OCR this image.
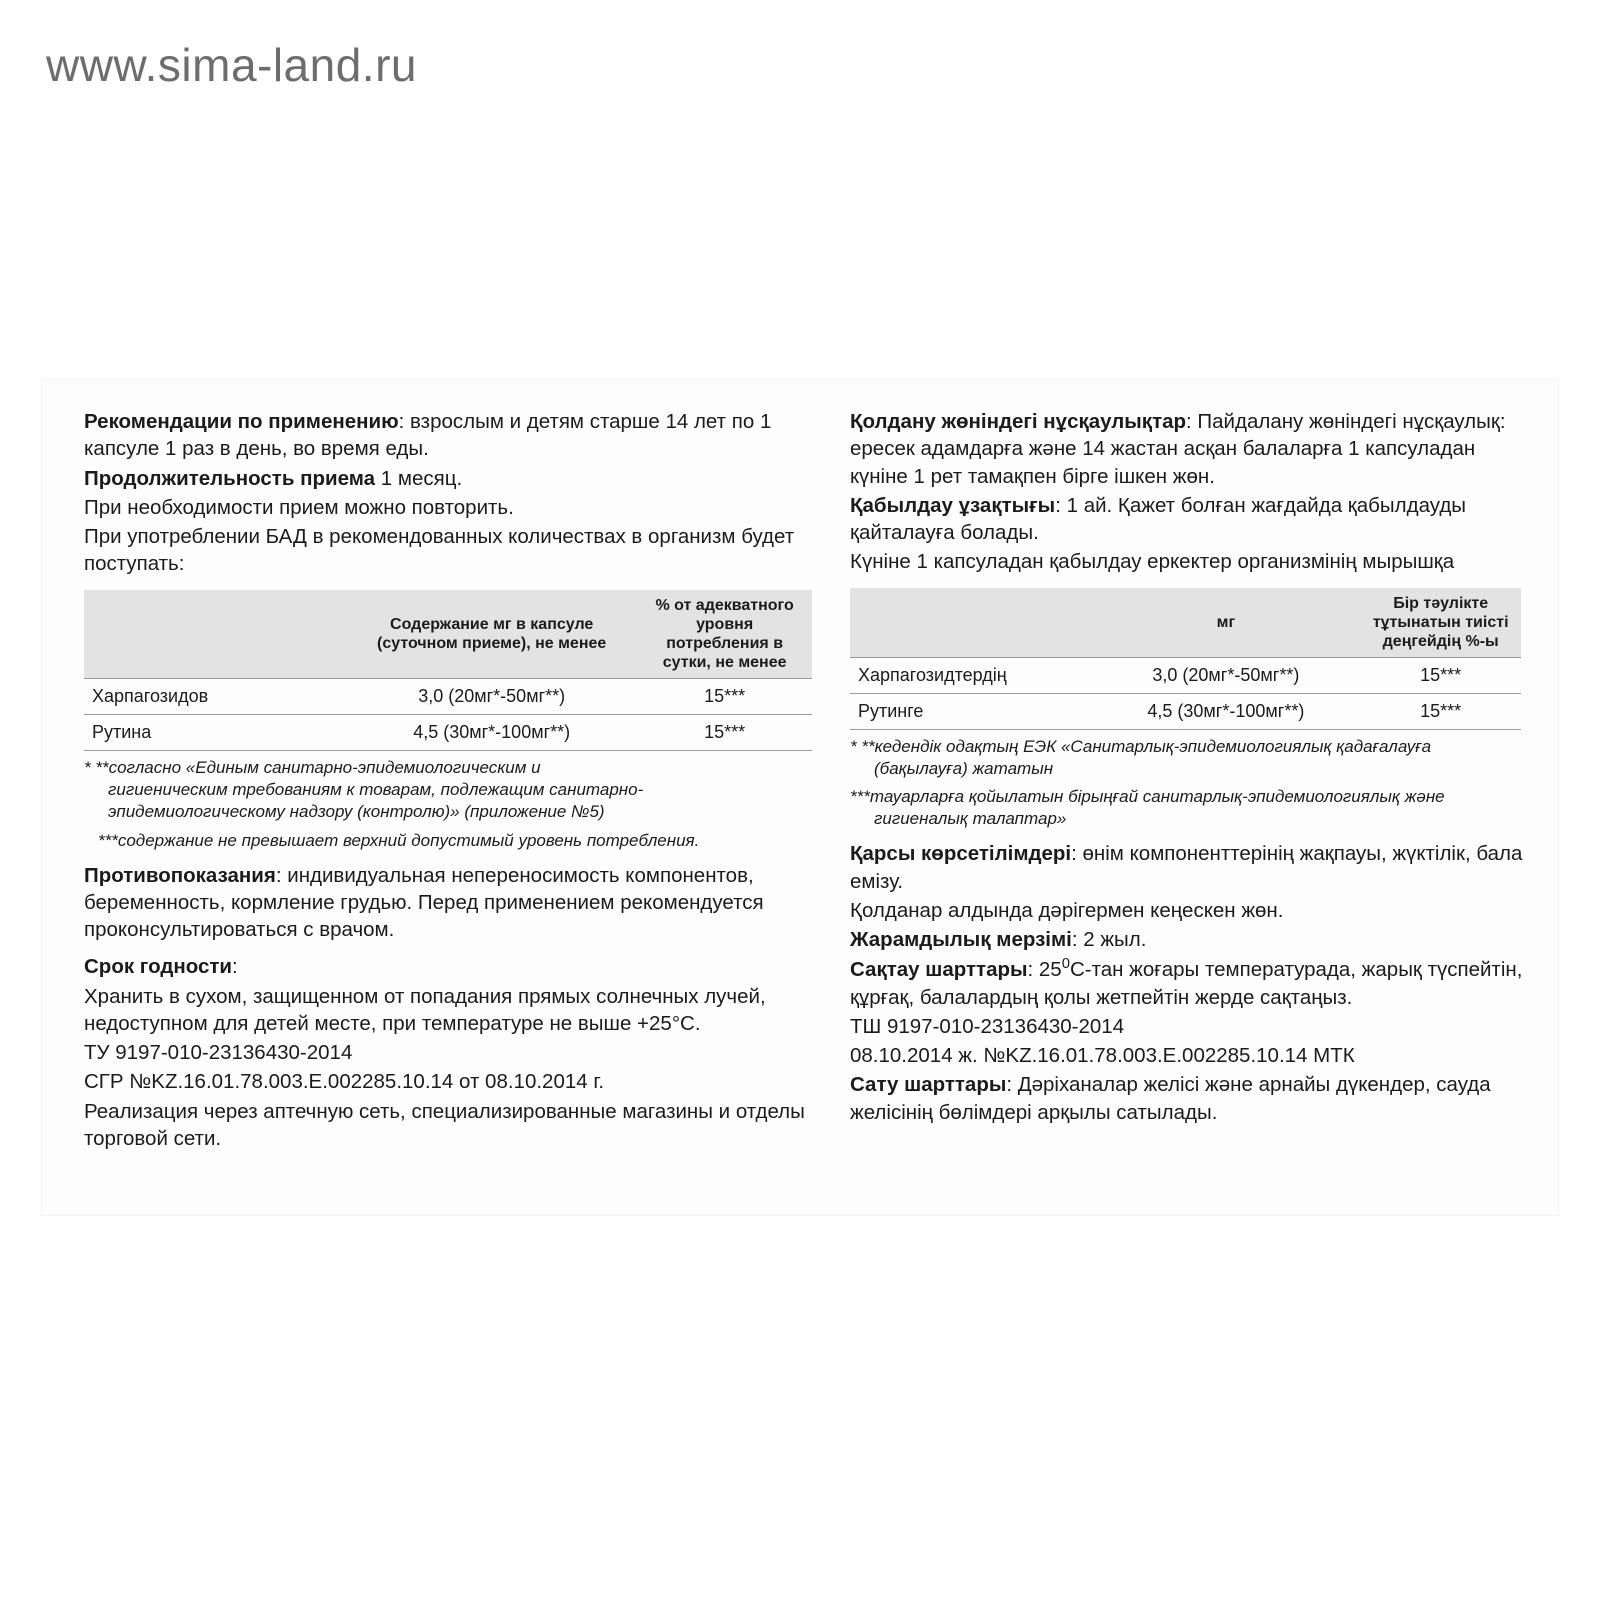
www.sima-land.ru

Рекомендации по применению: взрослым и детям старше 14 лет по 1 капсуле 1 раз в день, во время еды.

Продолжительность приема 1 месяц.

При необходимости прием можно повторить.

При употреблении БАД в рекомендованных количествах в организм будет поступать:

	Содержание мг в капсуле (суточном приеме), не менее	% от адекватного уровня потребления в сутки, не менее
Харпагозидов	3,0 (20мг*-50мг**)	15***
Рутина	4,5 (30мг*-100мг**)	15***

* **согласно «Единым санитарно-эпидемиологическим и
гигиеническим требованиям к товарам, подлежащим санитарно-эпидемиологическому надзору (контролю)» (приложение №5)

***содержание не превышает верхний допустимый уровень потребления.

Противопоказания: индивидуальная непереносимость компонентов, беременность, кормление грудью. Перед применением рекомендуется проконсультироваться с врачом.

Срок годности:

Хранить в сухом, защищенном от попадания прямых солнечных лучей, недоступном для детей месте, при температуре не выше +25°C.

ТУ 9197-010-23136430-2014

СГР №KZ.16.01.78.003.E.002285.10.14 от 08.10.2014 г.

Реализация через аптечную сеть, специализированные магазины и отделы торговой сети.

Қолдану жөніндегі нұсқаулықтар: Пайдалану жөніндегі нұсқаулық: ересек адамдарға және 14 жастан асқан балаларға 1 капсуладан күніне 1 рет тамақпен бірге ішкен жөн.

Қабылдау ұзақтығы: 1 ай. Қажет болған жағдайда қабылдауды қайталауға болады.

Күніне 1 капсуладан қабылдау еркектер организмінің мырышқа

	мг	Бір тәулікте тұтынатын тиісті деңгейдің %-ы
Харпагозидтердің	3,0 (20мг*-50мг**)	15***
Рутинге	4,5 (30мг*-100мг**)	15***

* **кедендік одақтың ЕЭК «Санитарлық-эпидемиологиялық қадағалауға
(бақылауға) жататын

***тауарларға қойылатын бірыңғай санитарлық-эпидемиологиялық және
гигиеналық талаптар»

Қарсы көрсетілімдері: өнім компоненттерінің жақпауы, жүктілік, бала емізу.

Қолданар алдында дәрігермен кеңескен жөн.

Жарамдылық мерзімі: 2 жыл.

Сақтау шарттары: $25^0С$-тан жоғары температурада, жарық түспейтін, құрғақ, балалардың қолы жетпейтін жерде сақтаңыз.

ТШ 9197-010-23136430-2014

08.10.2014 ж. №KZ.16.01.78.003.E.002285.10.14 МТК

Сату шарттары: Дәріханалар желісі және арнайы дүкендер, сауда желісінің бөлімдері арқылы сатылады.
